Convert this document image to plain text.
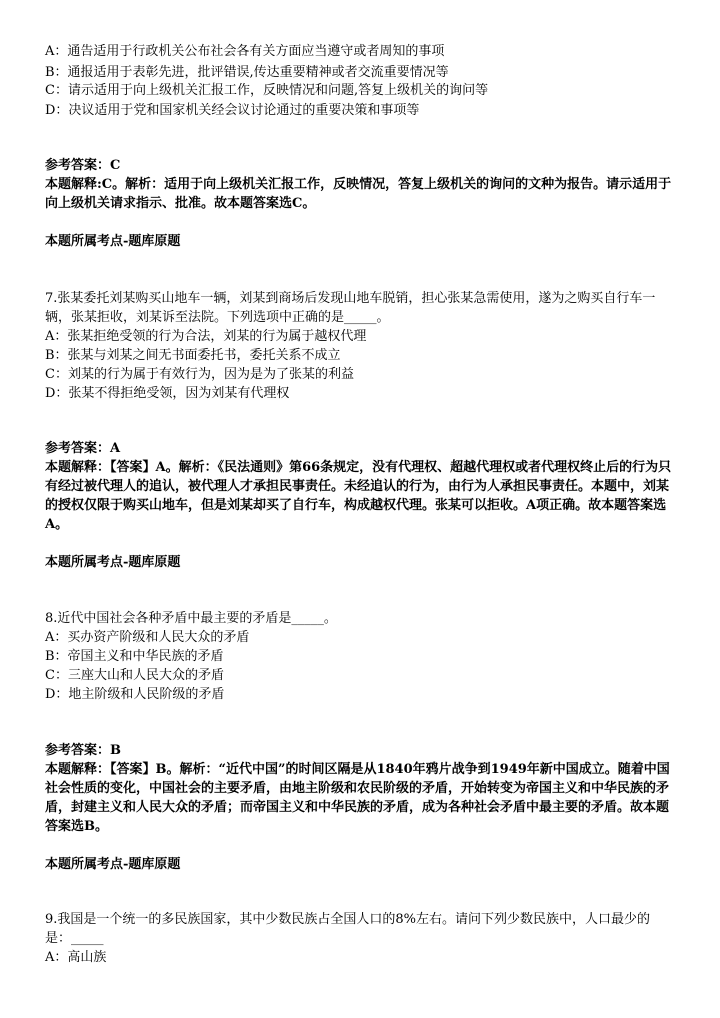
A：通告适用于行政机关公布社会各有关方面应当遵守或者周知的事项
B：通报适用于表彰先进，批评错误,传达重要精神或者交流重要情况等
C：请示适用于向上级机关汇报工作，反映情况和问题,答复上级机关的询问等
D：决议适用于党和国家机关经会议讨论通过的重要决策和事项等
参考答案：C
本题解释:C。解析：适用于向上级机关汇报工作，反映情况，答复上级机关的询问的文种为报告。请示适用于向上级机关请求指示、批准。故本题答案选C。
本题所属考点-题库原题
7.张某委托刘某购买山地车一辆，刘某到商场后发现山地车脱销，担心张某急需使用，遂为之购买自行车一辆，张某拒收，刘某诉至法院。下列选项中正确的是_____。
A：张某拒绝受领的行为合法，刘某的行为属于越权代理
B：张某与刘某之间无书面委托书，委托关系不成立
C：刘某的行为属于有效行为，因为是为了张某的利益
D：张某不得拒绝受领，因为刘某有代理权
参考答案：A
本题解释：【答案】A。解析：《民法通则》第66条规定，没有代理权、超越代理权或者代理权终止后的行为只有经过被代理人的追认，被代理人才承担民事责任。未经追认的行为，由行为人承担民事责任。本题中，刘某的授权仅限于购买山地车，但是刘某却买了自行车，构成越权代理。张某可以拒收。A项正确。故本题答案选A。
本题所属考点-题库原题
8.近代中国社会各种矛盾中最主要的矛盾是_____。
A：买办资产阶级和人民大众的矛盾
B：帝国主义和中华民族的矛盾
C：三座大山和人民大众的矛盾
D：地主阶级和人民阶级的矛盾
参考答案：B
本题解释：【答案】B。解析：“近代中国”的时间区隔是从1840年鸦片战争到1949年新中国成立。随着中国社会性质的变化，中国社会的主要矛盾，由地主阶级和农民阶级的矛盾，开始转变为帝国主义和中华民族的矛盾，封建主义和人民大众的矛盾；而帝国主义和中华民族的矛盾，成为各种社会矛盾中最主要的矛盾。故本题答案选B。
本题所属考点-题库原题
9.我国是一个统一的多民族国家，其中少数民族占全国人口的8%左右。请问下列少数民族中，人口最少的是：_____
A：高山族
